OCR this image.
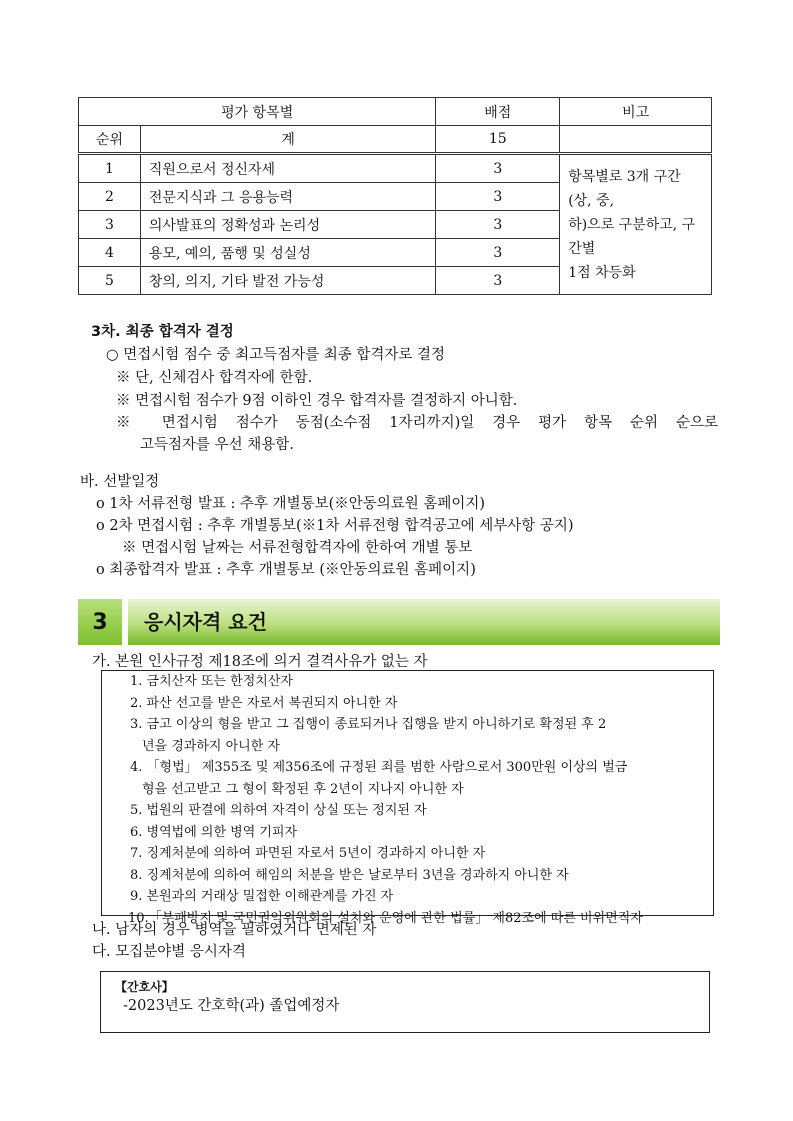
평가 항목별		배점	비고
순위	계	15	
1	직원으로서 정신자세	3	항목별로 3개 구간(상, 중,
하)으로 구분하고, 구간별
1점 차등화

2	전문지식과 그 응용능력	3	
3	의사발표의 정확성과 논리성	3	
4	용모, 예의, 품행 및 성실성	3	
5	창의, 의지, 기타 발전 가능성	3	
3차. 최종 합격자 결정
○ 면접시험 점수 중 최고득점자를 최종 합격자로 결정
※ 단, 신체검사 합격자에 한함.
※ 면접시험 점수가 9점 이하인 경우 합격자를 결정하지 아니함.
※ 면접시험 점수가 동점(소수점 1자리까지)일 경우 평가 항목 순위 순으로
고득점자를 우선 채용함.
바. 선발일정
o 1차 서류전형 발표 : 추후 개별통보(※안동의료원 홈페이지)
o 2차 면접시험 : 추후 개별통보(※1차 서류전형 합격공고에 세부사항 공지)
※ 면접시험 날짜는 서류전형합격자에 한하여 개별 통보
o 최종합격자 발표 : 추후 개별통보 (※안동의료원 홈페이지)
3	응시자격 요건
가. 본원 인사규정 제18조에 의거 결격사유가 없는 자
1. 금치산자 또는 한정치산자
2. 파산 선고를 받은 자로서 복권되지 아니한 자
3. 금고 이상의 형을 받고 그 집행이 종료되거나 집행을 받지 아니하기로 확정된 후 2
년을 경과하지 아니한 자
4. 「형법」 제355조 및 제356조에 규정된 죄를 범한 사람으로서 300만원 이상의 벌금
형을 선고받고 그 형이 확정된 후 2년이 지나지 아니한 자
5. 법원의 판결에 의하여 자격이 상실 또는 정지된 자
6. 병역법에 의한 병역 기피자
7. 징계처분에 의하여 파면된 자로서 5년이 경과하지 아니한 자
8. 징계처분에 의하여 해임의 처분을 받은 날로부터 3년을 경과하지 아니한 자
9. 본원과의 거래상 밀접한 이해관계를 가진 자
10.「부패방지 및 국민권익위원회의 설치와 운영에 관한 법률」 제82조에 따른 비위면직자
나. 남자의 경우 병역을 필하였거나 면제된 자
다. 모집분야별 응시자격
【간호사】
-2023년도 간호학(과) 졸업예정자
